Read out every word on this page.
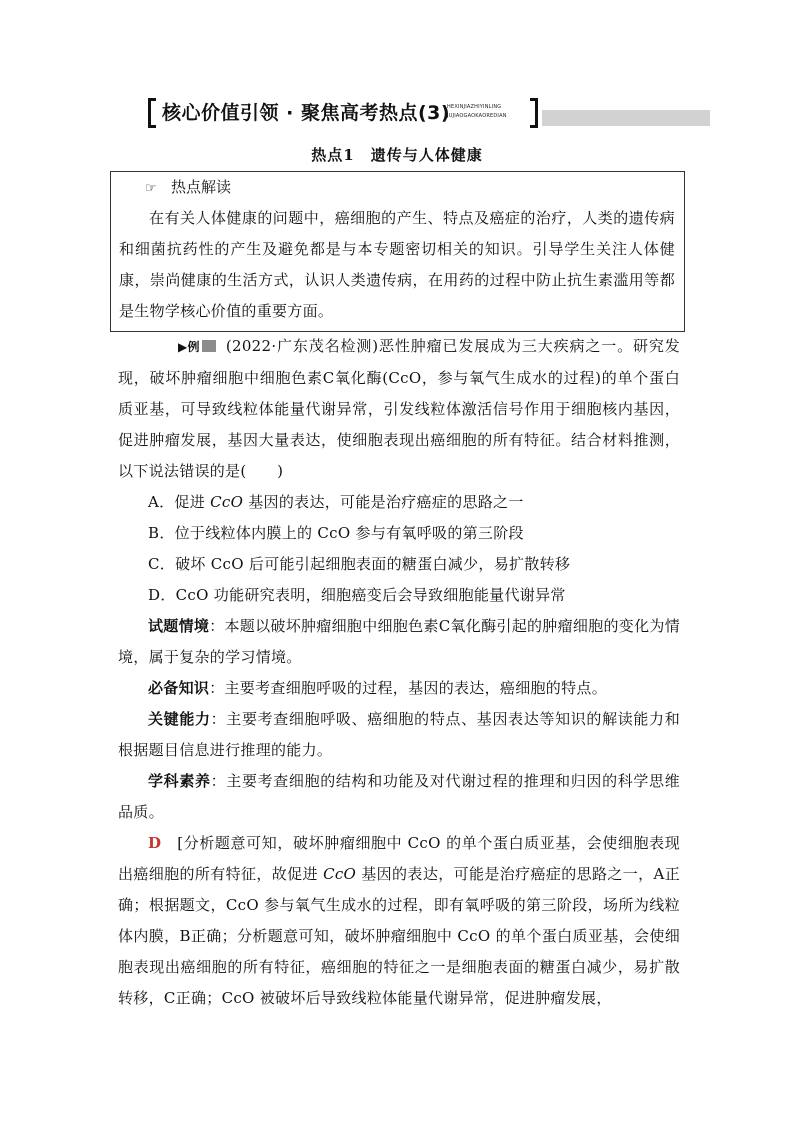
核心价值引领 · 聚焦高考热点(3)
HEXINJIAZHIYINLING
JUJIAOGAOKAOREDIAN
热点1　遗传与人体健康
☞ 热点解读
在有关人体健康的问题中，癌细胞的产生、特点及癌症的治疗，人类的遗传病和细菌抗药性的产生及避免都是与本专题密切相关的知识。引导学生关注人体健康，崇尚健康的生活方式，认识人类遗传病，在用药的过程中防止抗生素滥用等都是生物学核心价值的重要方面。

▶例 (2022·广东茂名检测)恶性肿瘤已发展成为三大疾病之一。研究发现，破坏肿瘤细胞中细胞色素C氧化酶(CcO，参与氧气生成水的过程)的单个蛋白质亚基，可导致线粒体能量代谢异常，引发线粒体激活信号作用于细胞核内基因，促进肿瘤发展，基因大量表达，使细胞表现出癌细胞的所有特征。结合材料推测，以下说法错误的是(　　)

A．促进 CcO 基因的表达，可能是治疗癌症的思路之一
B．位于线粒体内膜上的 CcO 参与有氧呼吸的第三阶段
C．破坏 CcO 后可能引起细胞表面的糖蛋白减少，易扩散转移
D．CcO 功能研究表明，细胞癌变后会导致细胞能量代谢异常

试题情境：本题以破坏肿瘤细胞中细胞色素C氧化酶引起的肿瘤细胞的变化为情境，属于复杂的学习情境。

必备知识：主要考查细胞呼吸的过程，基因的表达，癌细胞的特点。

关键能力：主要考查细胞呼吸、癌细胞的特点、基因表达等知识的解读能力和根据题目信息进行推理的能力。

学科素养：主要考查细胞的结构和功能及对代谢过程的推理和归因的科学思维品质。

D　[分析题意可知，破坏肿瘤细胞中 CcO 的单个蛋白质亚基，会使细胞表现出癌细胞的所有特征，故促进 CcO 基因的表达，可能是治疗癌症的思路之一，A正确；根据题文，CcO 参与氧气生成水的过程，即有氧呼吸的第三阶段，场所为线粒体内膜，B正确；分析题意可知，破坏肿瘤细胞中 CcO 的单个蛋白质亚基，会使细胞表现出癌细胞的所有特征，癌细胞的特征之一是细胞表面的糖蛋白减少，易扩散转移，C正确；CcO 被破坏后导致线粒体能量代谢异常，促进肿瘤发展，
